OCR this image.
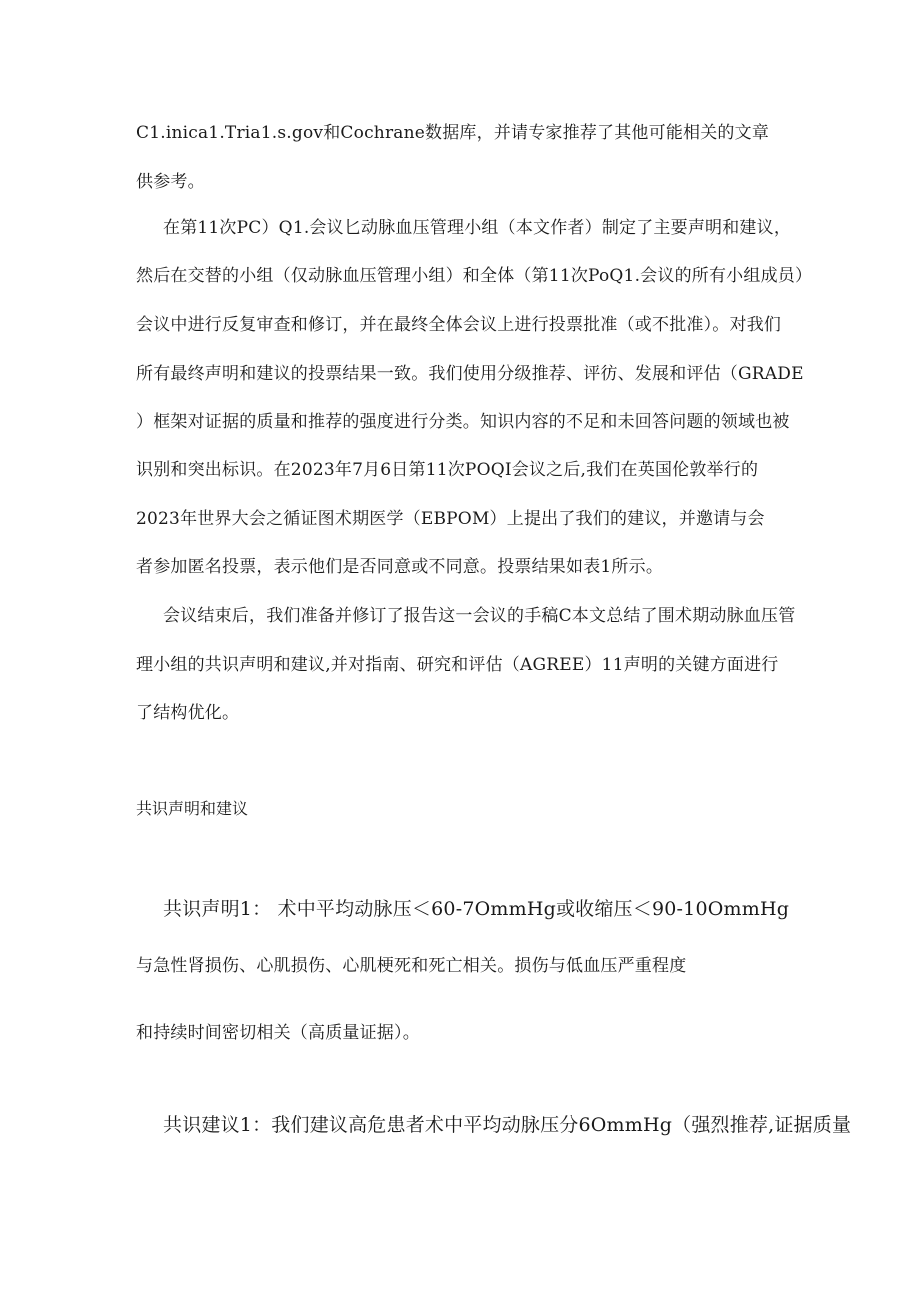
C1.inica1.Tria1.s.gov和Cochrane数据库，并请专家推荐了其他可能相关的文章
供参考。
在第11次PC）Q1.会议匕动脉血压管理小组（本文作者）制定了主要声明和建议，
然后在交替的小组（仅动脉血压管理小组）和全体（第11次PoQ1.会议的所有小组成员）
会议中进行反复审查和修订，并在最终全体会议上进行投票批准（或不批准）。对我们
所有最终声明和建议的投票结果一致。我们使用分级推荐、评彷、发展和评估（GRADE
）框架对证据的质量和推荐的强度进行分类。知识内容的不足和未回答问题的领域也被
识别和突出标识。在2023年7月6日第11次POQI会议之后,我们在英国伦敦举行的
2023年世界大会之循证图术期医学（EBPOM）上提出了我们的建议，并邀请与会
者参加匿名投票，表示他们是否同意或不同意。投票结果如表1所示。
会议结束后，我们准备并修订了报告这一会议的手稿C本文总结了围术期动脉血压管
理小组的共识声明和建议,并对指南、研究和评估（AGREE）11声明的关键方面进行
了结构优化。
共识声明和建议
共识声明1： 术中平均动脉压＜60-7OmmHg或收缩压＜90-10OmmHg
与急性肾损伤、心肌损伤、心肌梗死和死亡相关。损伤与低血压严重程度
和持续时间密切相关（高质量证据）。
共识建议1：我们建议高危患者术中平均动脉压分6OmmHg（强烈推荐,证据质量
